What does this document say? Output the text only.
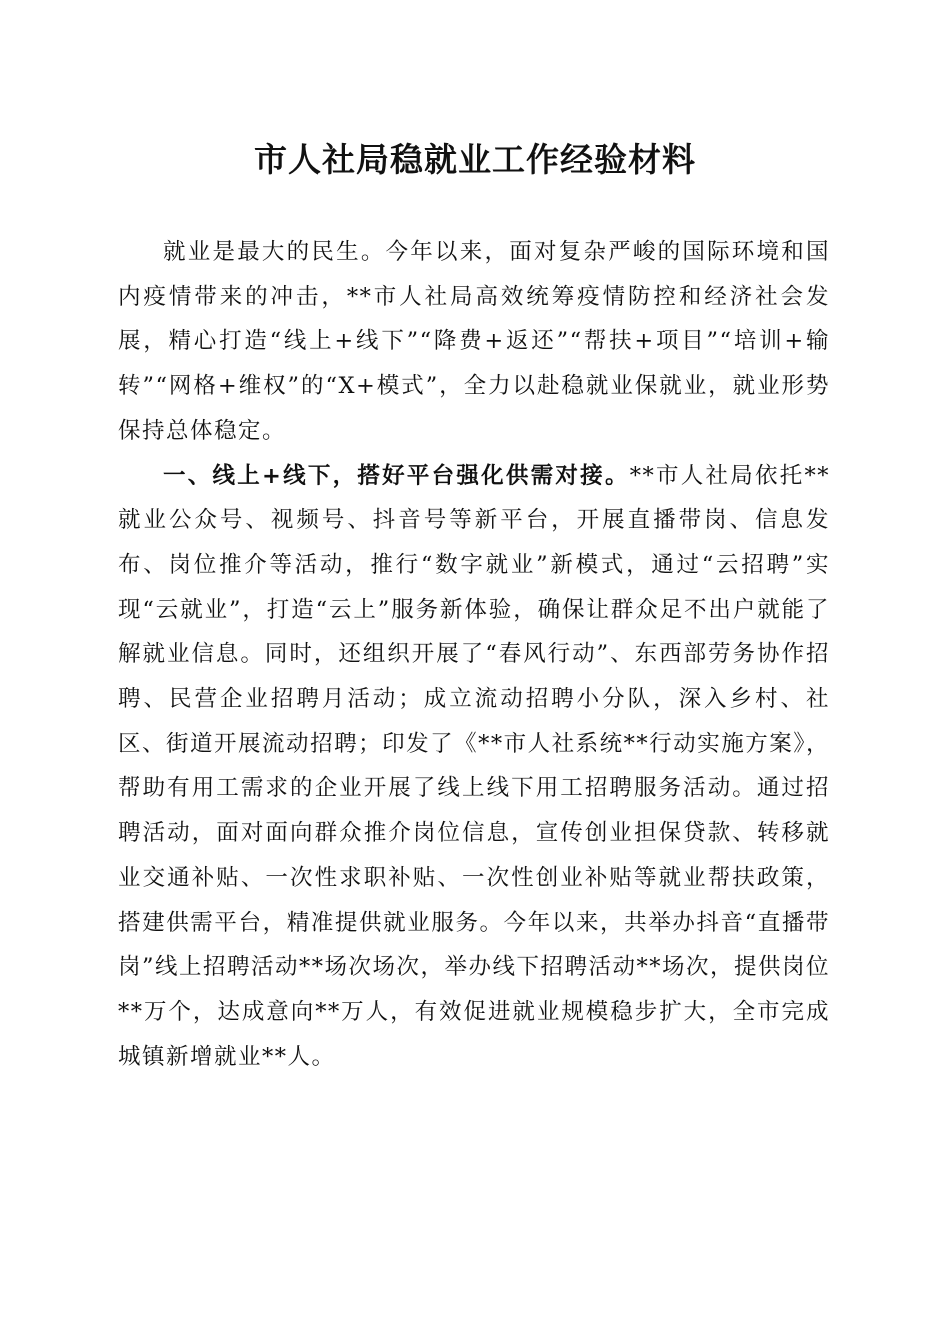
市人社局稳就业工作经验材料

就业是最大的民生。今年以来，面对复杂严峻的国际环境和国内疫情带来的冲击，**市人社局高效统筹疫情防控和经济社会发展，精心打造“线上+线下”“降费+返还”“帮扶+项目”“培训+输转”“网格+维权”的“X+模式”，全力以赴稳就业保就业，就业形势保持总体稳定。

一、线上+线下，搭好平台强化供需对接。**市人社局依托**就业公众号、视频号、抖音号等新平台，开展直播带岗、信息发布、岗位推介等活动，推行“数字就业”新模式，通过“云招聘”实现“云就业”，打造“云上”服务新体验，确保让群众足不出户就能了解就业信息。同时，还组织开展了“春风行动”、东西部劳务协作招聘、民营企业招聘月活动；成立流动招聘小分队，深入乡村、社区、街道开展流动招聘；印发了《**市人社系统**行动实施方案》，帮助有用工需求的企业开展了线上线下用工招聘服务活动。通过招聘活动，面对面向群众推介岗位信息，宣传创业担保贷款、转移就业交通补贴、一次性求职补贴、一次性创业补贴等就业帮扶政策，搭建供需平台，精准提供就业服务。今年以来，共举办抖音“直播带岗”线上招聘活动**场次场次，举办线下招聘活动**场次，提供岗位**万个，达成意向**万人，有效促进就业规模稳步扩大，全市完成城镇新增就业**人。
